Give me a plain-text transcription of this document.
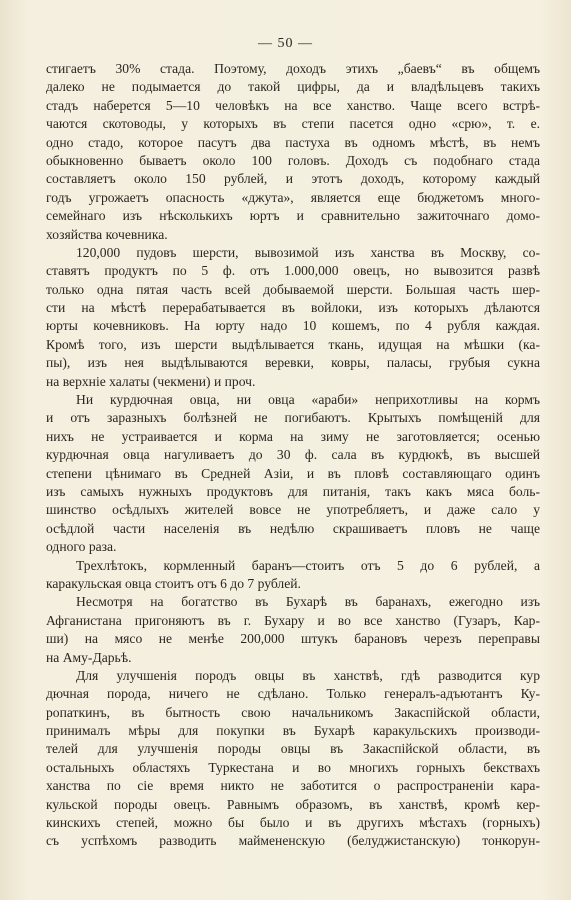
— 50 —
стигаетъ 30% стада. Поэтому, доходъ этихъ „баевъ“ въ общемъ
далеко не подымается до такой цифры, да и владѣльцевъ такихъ
стадъ наберется 5—10 человѣкъ на все ханство. Чаще всего встрѣ-
чаются скотоводы, у которыхъ въ степи пасется одно «срю», т. е.
одно стадо, которое пасутъ два пастуха въ одномъ мѣстѣ, въ немъ
обыкновенно бываетъ около 100 головъ. Доходъ съ подобнаго стада
составляетъ около 150 рублей, и этотъ доходъ, которому каждый
годъ угрожаетъ опасность «джута», является еще бюджетомъ много-
семейнаго изъ нѣсколькихъ юртъ и сравнительно зажиточнаго домо-
хозяйства кочевника.
120,000 пудовъ шерсти, вывозимой изъ ханства въ Москву, со-
ставятъ продуктъ по 5 ф. отъ 1.000,000 овецъ, но вывозится развѣ
только одна пятая часть всей добываемой шерсти. Большая часть шер-
сти на мѣстѣ перерабатывается въ войлоки, изъ которыхъ дѣлаются
юрты кочевниковъ. На юрту надо 10 кошемъ, по 4 рубля каждая.
Кромѣ того, изъ шерсти выдѣлывается ткань, идущая на мѣшки (ка-
пы), изъ нея выдѣлываются веревки, ковры, паласы, грубыя сукна
на верхніе халаты (чекмени) и проч.
Ни курдючная овца, ни овца «араби» неприхотливы на кормъ
и отъ заразныхъ болѣзней не погибаютъ. Крытыхъ помѣщеній для
нихъ не устраивается и корма на зиму не заготовляется; осенью
курдючная овца нагуливаетъ до 30 ф. сала въ курдюкѣ, въ высшей
степени цѣнимаго въ Средней Азіи, и въ пловѣ составляющаго одинъ
изъ самыхъ нужныхъ продуктовъ для питанія, такъ какъ мяса боль-
шинство осѣдлыхъ жителей вовсе не употребляетъ, и даже сало у
осѣдлой части населенія въ недѣлю скрашиваетъ пловъ не чаще
одного раза.
Трехлѣтокъ, кормленный баранъ—стоитъ отъ 5 до 6 рублей, а
каракульская овца стоитъ отъ 6 до 7 рублей.
Несмотря на богатство въ Бухарѣ въ баранахъ, ежегодно изъ
Афганистана пригоняютъ въ г. Бухару и во все ханство (Гузаръ, Кар-
ши) на мясо не менѣе 200,000 штукъ барановъ черезъ переправы
на Аму-Дарьѣ.
Для улучшенія породъ овцы въ ханствѣ, гдѣ разводится кур
дючная порода, ничего не сдѣлано. Только генералъ-адъютантъ Ку-
ропаткинъ, въ бытность свою начальникомъ Закаспійской области,
принималъ мѣры для покупки въ Бухарѣ каракульскихъ производи-
телей для улучшенія породы овцы въ Закаспійской области, въ
остальныхъ областяхъ Туркестана и во многихъ горныхъ бекствахъ
ханства по сіе время никто не заботится о распространеніи кара-
кульской породы овецъ. Равнымъ образомъ, въ ханствѣ, кромѣ кер-
кинскихъ степей, можно бы было и въ другихъ мѣстахъ (горныхъ)
съ успѣхомъ разводить маймененскую (белуджистанскую) тонкорун-
